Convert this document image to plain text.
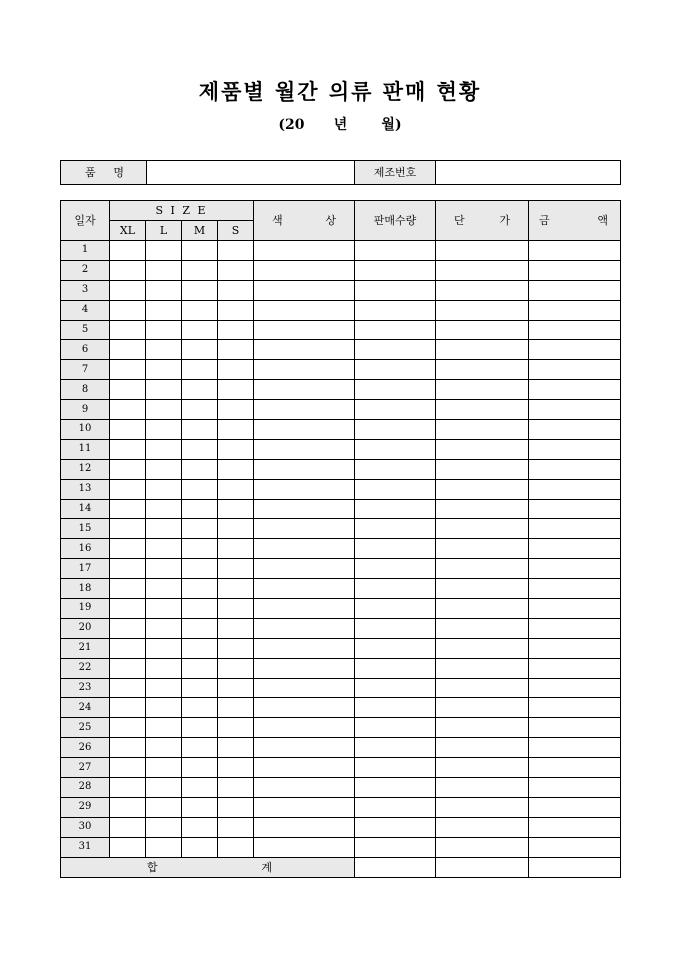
제품별 월간 의류 판매 현황
(20 년 월)
품 명		제조번호	
일자	S I Z E				색 상	판매수량	단 가	금 액

	XL	L	M	S				
1								
2								
3								
4								
5								
6								
7								
8								
9								
10								
11								
12								
13								
14								
15								
16								
17								
18								
19								
20								
21								
22								
23								
24								
25								
26								
27								
28								
29								
30								
31								

합 계								
